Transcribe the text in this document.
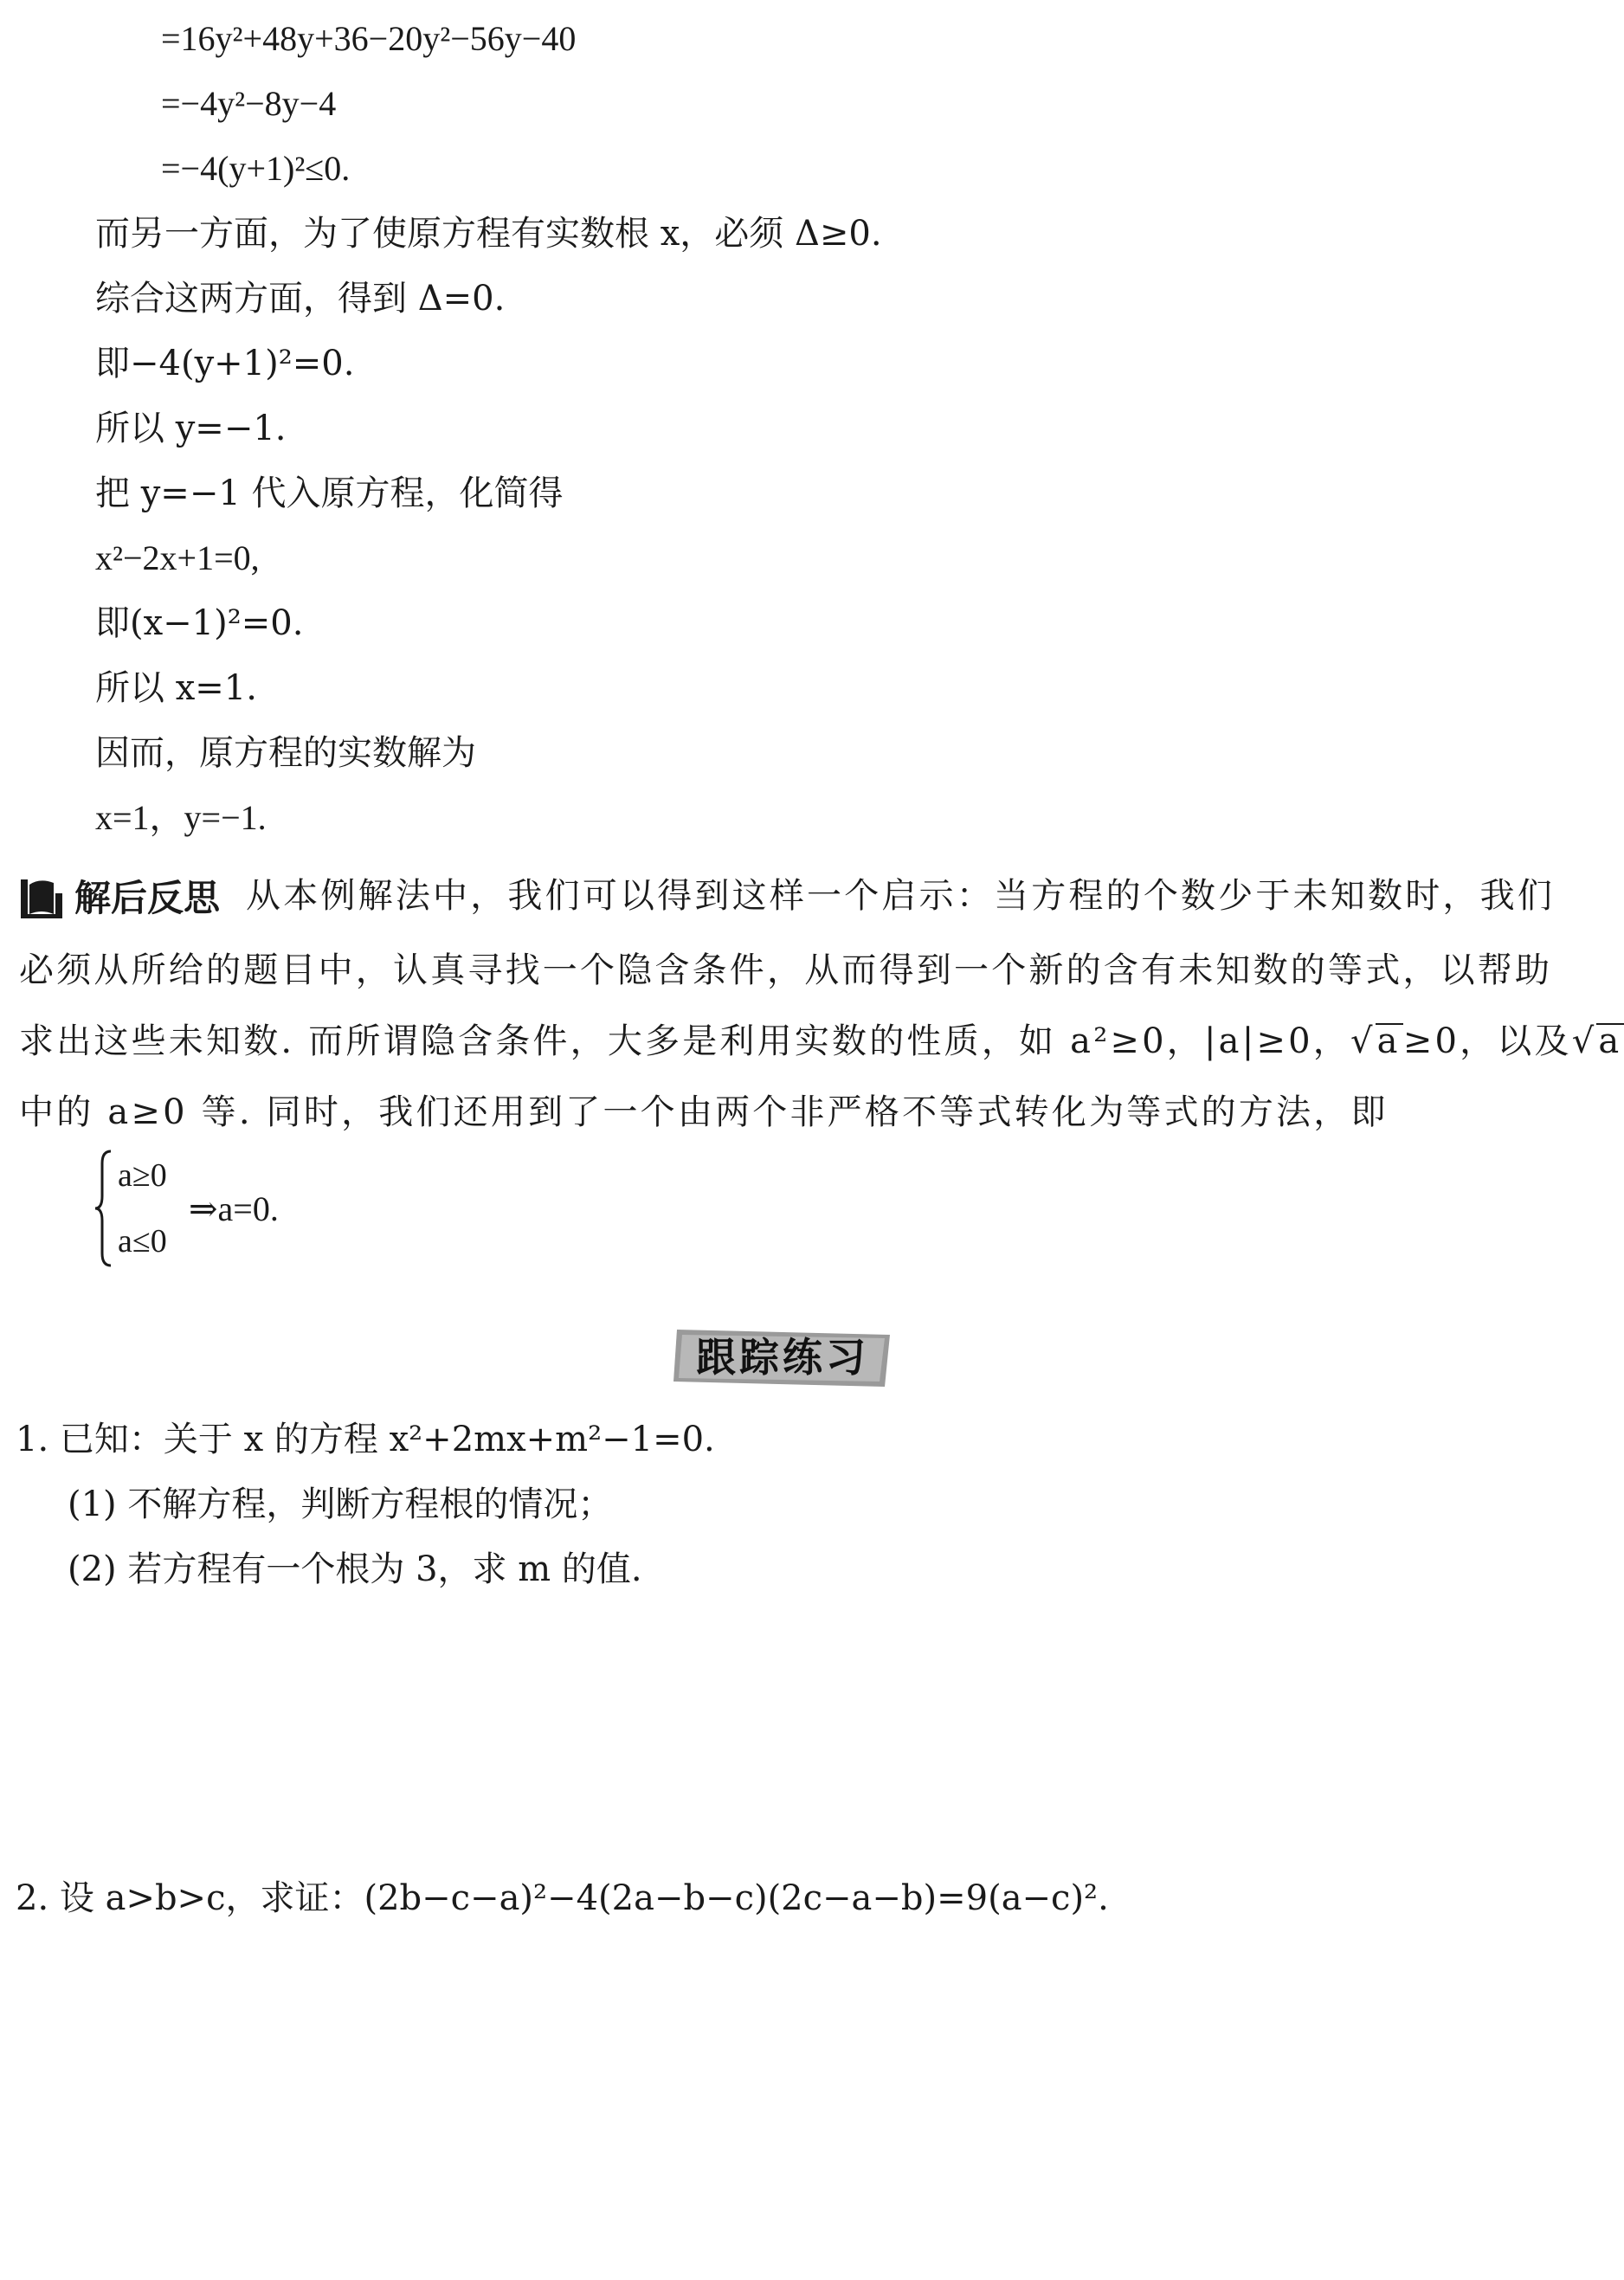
=16y²+48y+36−20y²−56y−40
=−4y²−8y−4
=−4(y+1)²≤0.
而另一方面，为了使原方程有实数根 x，必须 Δ≥0.
综合这两方面，得到 Δ=0.
即−4(y+1)²=0.
所以 y=−1.
把 y=−1 代入原方程，化简得
x²−2x+1=0,
即(x−1)²=0.
所以 x=1.
因而，原方程的实数解为
x=1，y=−1.
解后反思 从本例解法中，我们可以得到这样一个启示：当方程的个数少于未知数时，我们
必须从所给的题目中，认真寻找一个隐含条件，从而得到一个新的含有未知数的等式，以帮助
求出这些未知数. 而所谓隐含条件，大多是利用实数的性质，如 a²≥0，|a|≥0，√a≥0，以及√a
中的 a≥0 等. 同时，我们还用到了一个由两个非严格不等式转化为等式的方法，即
a≥0
a≤0
⇒a=0.
跟踪练习
1. 已知：关于 x 的方程 x²+2mx+m²−1=0.
(1) 不解方程，判断方程根的情况；
(2) 若方程有一个根为 3，求 m 的值.
2. 设 a>b>c，求证：(2b−c−a)²−4(2a−b−c)(2c−a−b)=9(a−c)².
